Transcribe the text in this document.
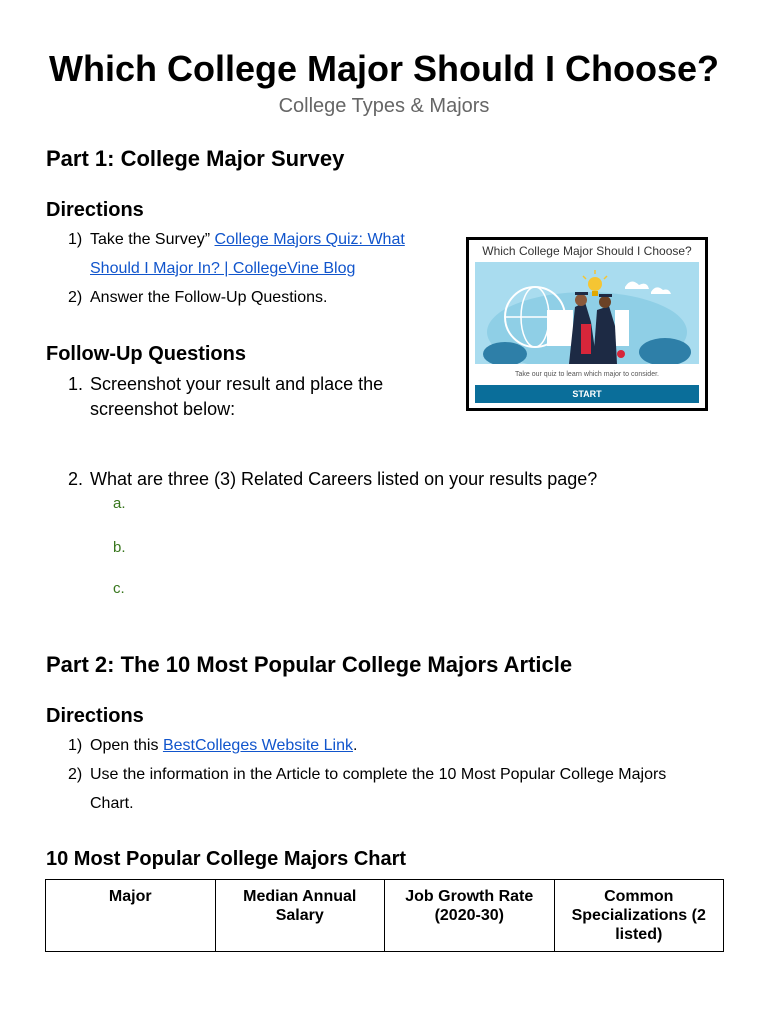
Which College Major Should I Choose?
College Types & Majors
Part 1: College Major Survey
Directions
1) Take the Survey” College Majors Quiz: What Should I Major In? | CollegeVine Blog
2) Answer the Follow-Up Questions.
Follow-Up Questions
1. Screenshot your result and place the screenshot below:
2. What are three (3) Related Careers listed on your results page?
a.
b.
c.
Which College Major Should I Choose?
Take our quiz to learn which major to consider.
START
Part 2: The 10 Most Popular College Majors Article
Directions
1) Open this BestColleges Website Link.
2) Use the information in the Article to complete the 10 Most Popular College Majors Chart.
10 Most Popular College Majors Chart
Major	Median Annual Salary	Job Growth Rate (2020-30)	Common Specializations (2 listed)
